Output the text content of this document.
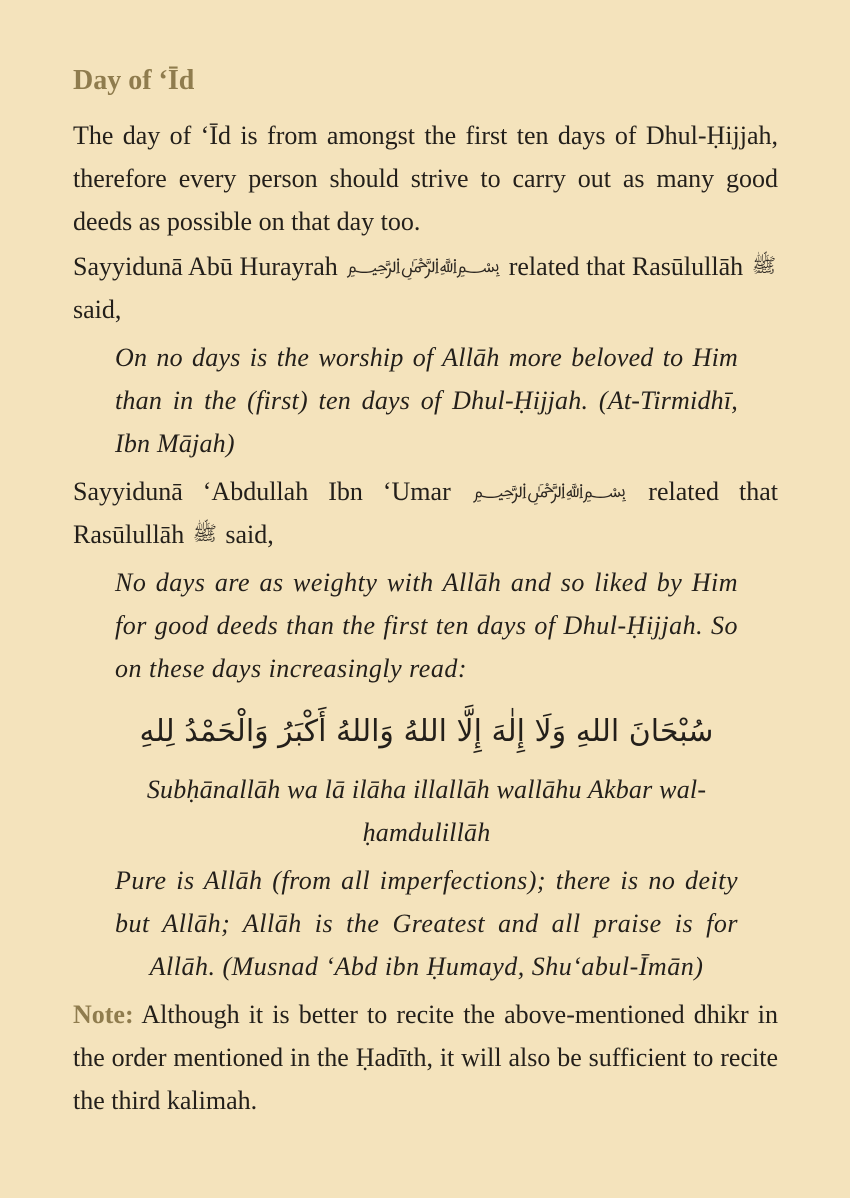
Day of ‘Īd

The day of ‘Īd is from amongst the first ten days of Dhul-Ḥijjah, therefore every person should strive to carry out as many good deeds as possible on that day too.

Sayyidunā Abū Hurayrah ﷽ related that Rasūlullāh ﷺ said,

On no days is the worship of Allāh more beloved to Him than in the (first) ten days of Dhul-Ḥijjah. (At-Tirmidhī, Ibn Mājah)

Sayyidunā ‘Abdullah Ibn ‘Umar ﷽ related that

Rasūlullāh ﷺ said,

No days are as weighty with Allāh and so liked by Him for good deeds than the first ten days of Dhul-Ḥijjah. So on these days increasingly read:

سُبْحَانَ اللهِ وَلَا إِلٰهَ إِلَّا اللهُ وَاللهُ أَكْبَرُ وَالْحَمْدُ لِلهِ

Subḥānallāh wa lā ilāha illallāh wallāhu Akbar wal-ḥamdulillāh

Pure is Allāh (from all imperfections); there is no deity but Allāh; Allāh is the Greatest and all praise is for Allāh. (Musnad ‘Abd ibn Ḥumayd, Shu‘abul-Īmān)

Note: Although it is better to recite the above-mentioned dhikr in the order mentioned in the Ḥadīth, it will also be sufficient to recite the third kalimah.
